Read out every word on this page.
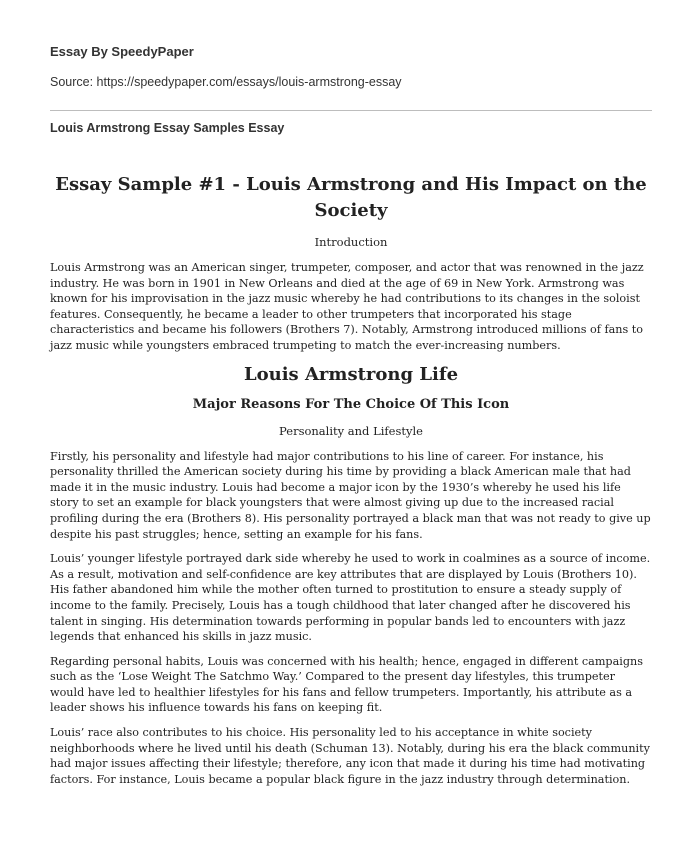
Essay By SpeedyPaper
Source: https://speedypaper.com/essays/louis-armstrong-essay
Louis Armstrong Essay Samples Essay
Essay Sample #1 - Louis Armstrong and His Impact on the Society
Introduction

Louis Armstrong was an American singer, trumpeter, composer, and actor that was renowned in the jazz industry. He was born in 1901 in New Orleans and died at the age of 69 in New York. Armstrong was known for his improvisation in the jazz music whereby he had contributions to its changes in the soloist features. Consequently, he became a leader to other trumpeters that incorporated his stage characteristics and became his followers (Brothers 7). Notably, Armstrong introduced millions of fans to jazz music while youngsters embraced trumpeting to match the ever-increasing numbers.

Louis Armstrong Life
Major Reasons For The Choice Of This Icon
Personality and Lifestyle

Firstly, his personality and lifestyle had major contributions to his line of career. For instance, his personality thrilled the American society during his time by providing a black American male that had made it in the music industry. Louis had become a major icon by the 1930’s whereby he used his life story to set an example for black youngsters that were almost giving up due to the increased racial profiling during the era (Brothers 8). His personality portrayed a black man that was not ready to give up despite his past struggles; hence, setting an example for his fans.

Louis’ younger lifestyle portrayed dark side whereby he used to work in coalmines as a source of income. As a result, motivation and self-confidence are key attributes that are displayed by Louis (Brothers 10). His father abandoned him while the mother often turned to prostitution to ensure a steady supply of income to the family. Precisely, Louis has a tough childhood that later changed after he discovered his talent in singing. His determination towards performing in popular bands led to encounters with jazz legends that enhanced his skills in jazz music.

Regarding personal habits, Louis was concerned with his health; hence, engaged in different campaigns such as the ‘Lose Weight The Satchmo Way.’ Compared to the present day lifestyles, this trumpeter would have led to healthier lifestyles for his fans and fellow trumpeters. Importantly, his attribute as a leader shows his influence towards his fans on keeping fit.

Louis’ race also contributes to his choice. His personality led to his acceptance in white society neighborhoods where he lived until his death (Schuman 13). Notably, during his era the black community had major issues affecting their lifestyle; therefore, any icon that made it during his time had motivating factors. For instance, Louis became a popular black figure in the jazz industry through determination.
